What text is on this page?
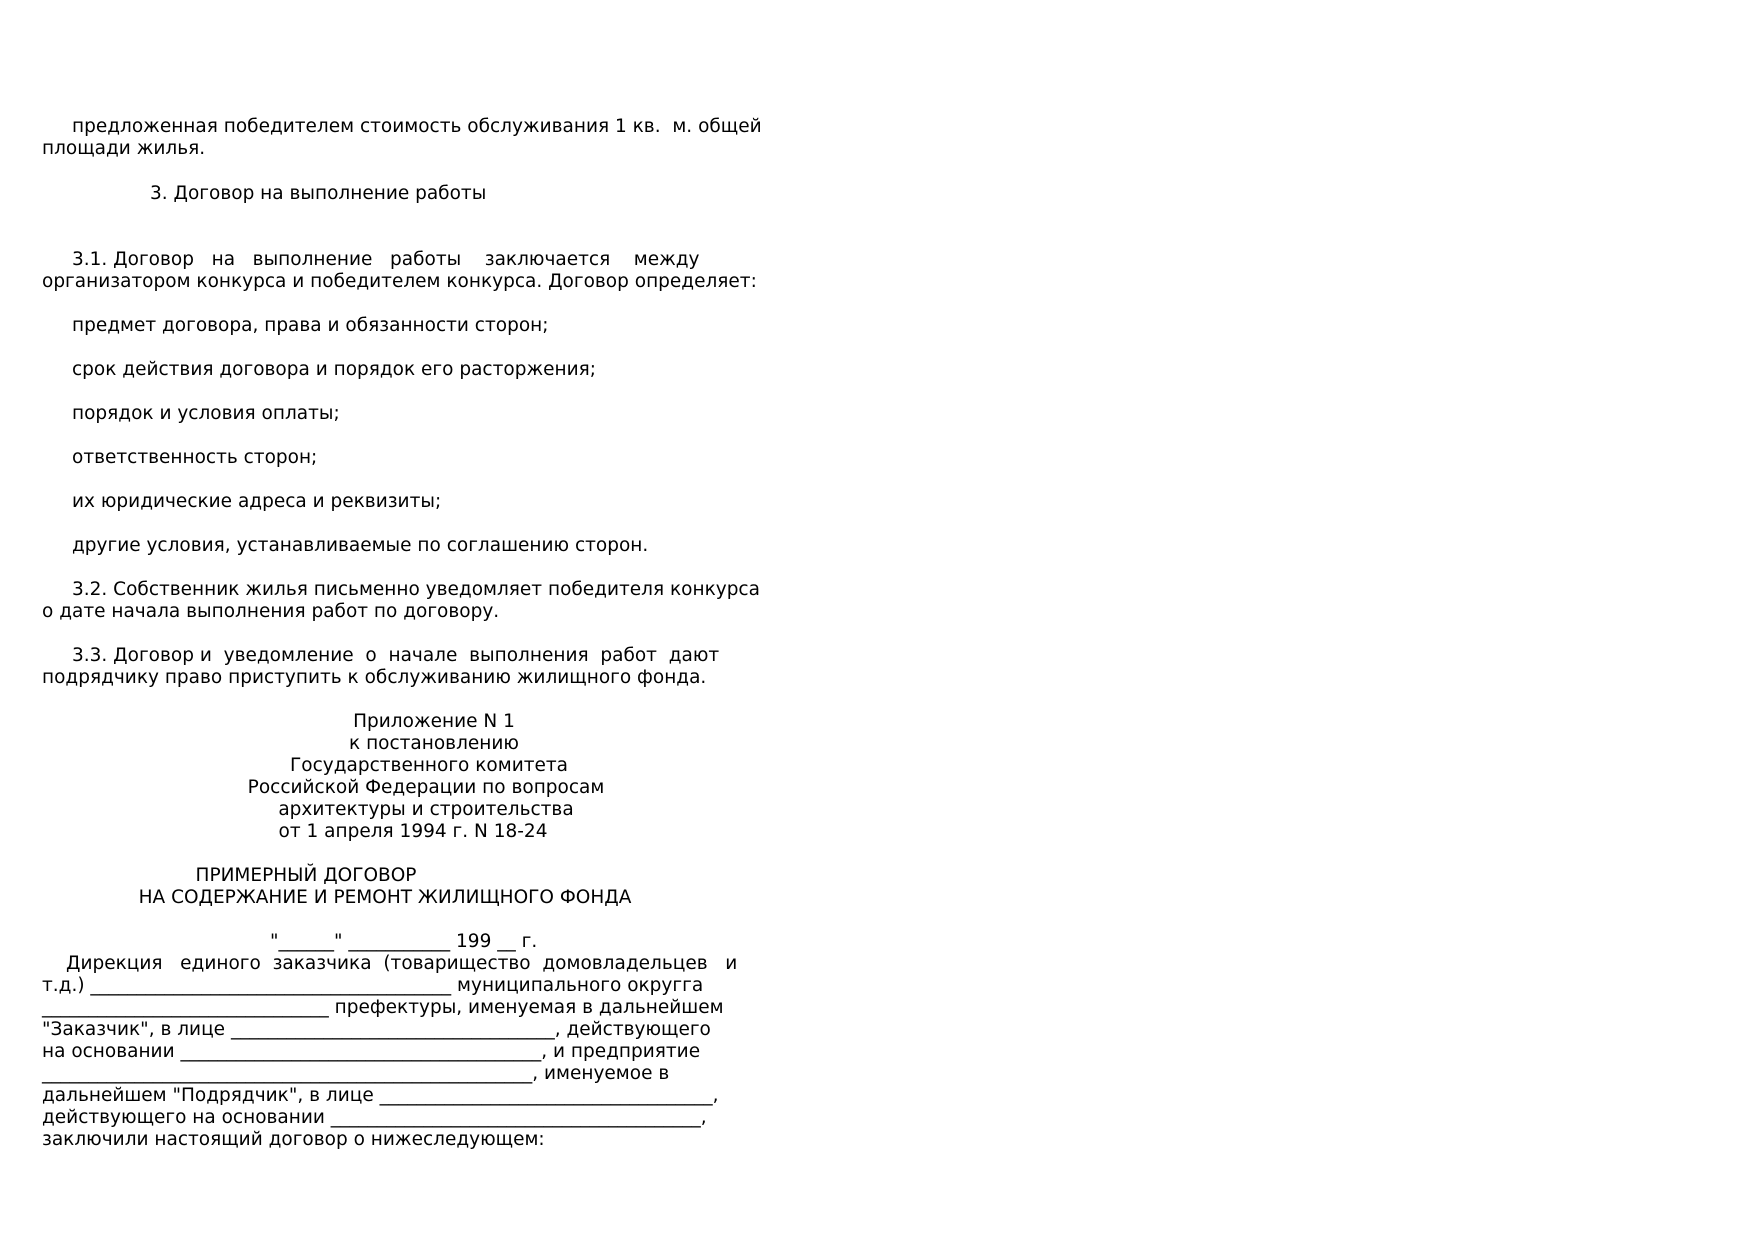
предложенная победителем стоимость обслуживания 1 кв.  м. общей
площади жилья.
3. Договор на выполнение работы
3.1. Договор   на   выполнение   работы    заключается    между
организатором конкурса и победителем конкурса. Договор определяет:
предмет договора, права и обязанности сторон;
срок действия договора и порядок его расторжения;
порядок и условия оплаты;
ответственность сторон;
их юридические адреса и реквизиты;
другие условия, устанавливаемые по соглашению сторон.
3.2. Собственник жилья письменно уведомляет победителя конкурса
о дате начала выполнения работ по договору.
3.3. Договор и  уведомление  о  начале  выполнения  работ  дают
подрядчику право приступить к обслуживанию жилищного фонда.
Приложение N 1
к постановлению
Государственного комитета
Российской Федерации по вопросам
архитектуры и строительства
от 1 апреля 1994 г. N 18-24
ПРИМЕРНЫЙ ДОГОВОР
НА СОДЕРЖАНИЕ И РЕМОНТ ЖИЛИЩНОГО ФОНДА
"______" ___________ 199 __ г.
Дирекция   единого  заказчика  (товарищество  домовладельцев   и
т.д.) _______________________________________ муниципального округга
_______________________________ префектуры, именуемая в дальнейшем
"Заказчик", в лице ___________________________________, действующего
на основании _______________________________________, и предприятие
_____________________________________________________, именуемое в
дальнейшем "Подрядчик", в лице ____________________________________,
действующего на основании ________________________________________,
заключили настоящий договор о нижеследующем:
